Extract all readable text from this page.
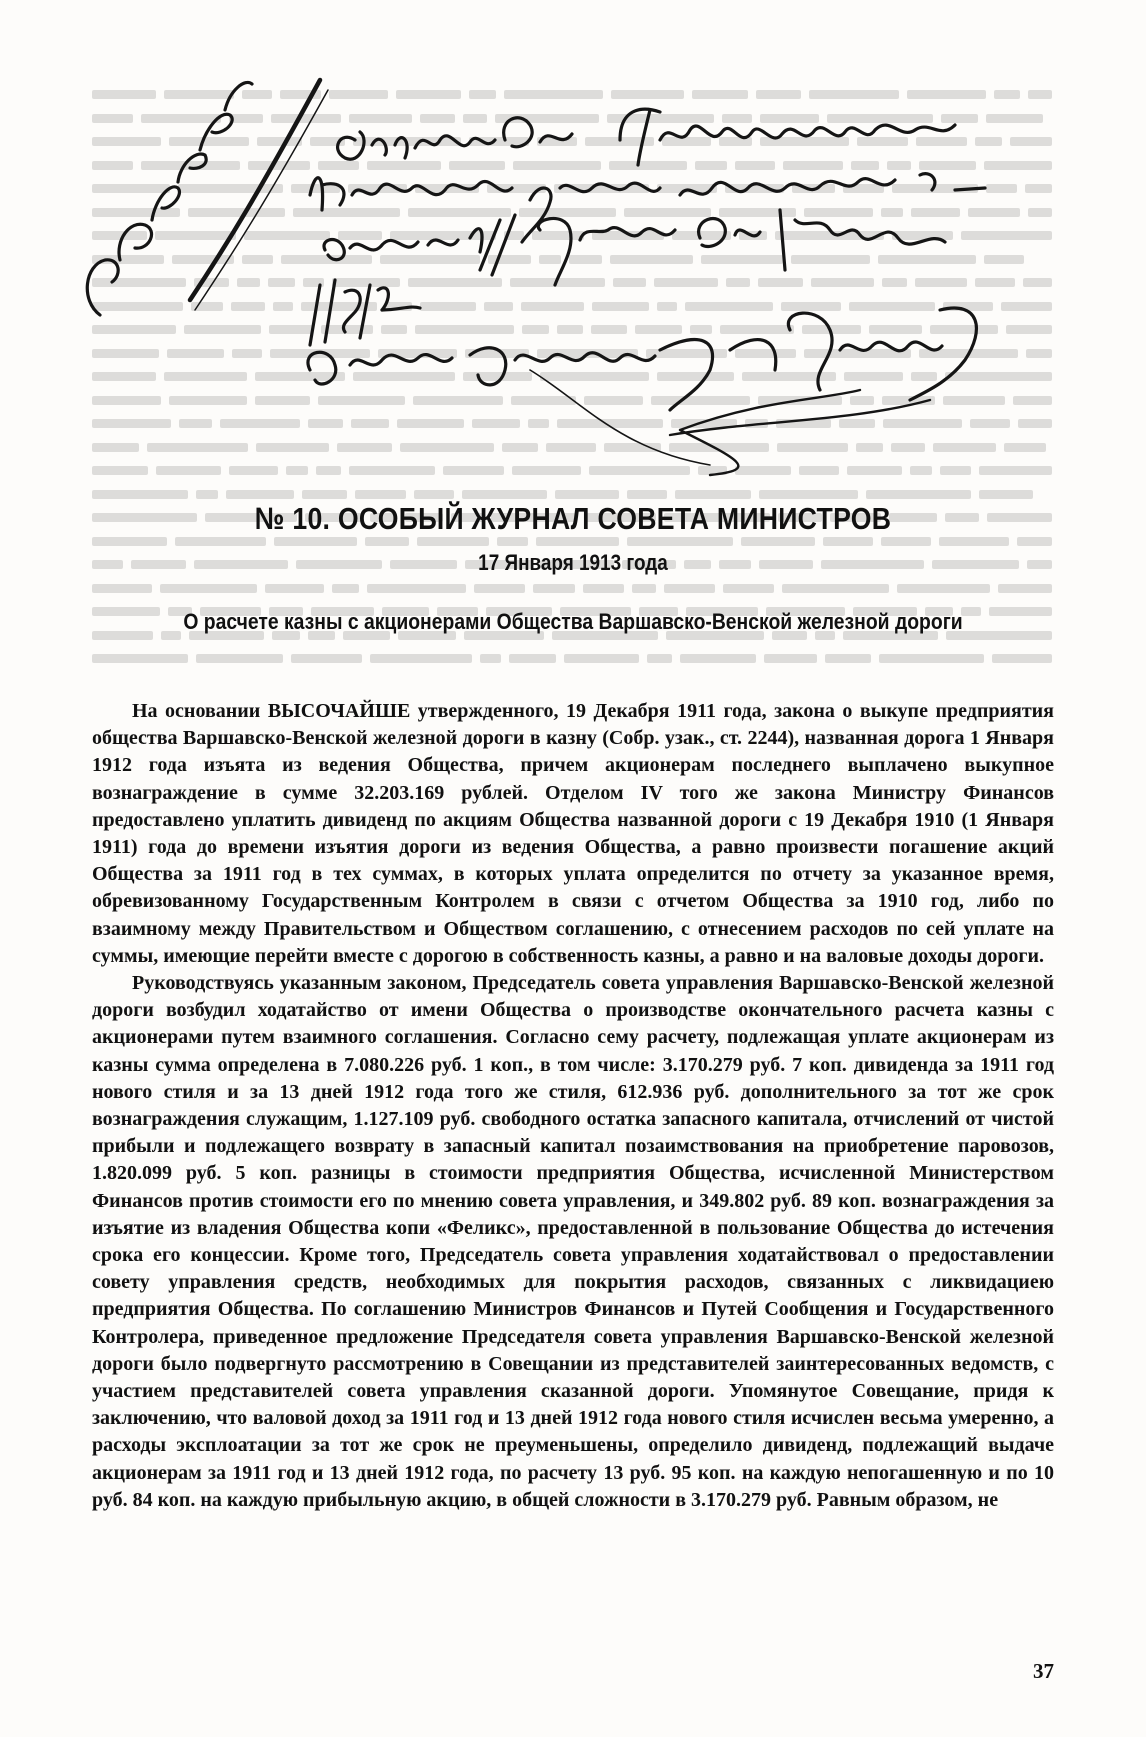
№ 10. ОСОБЫЙ ЖУРНАЛ СОВЕТА МИНИСТРОВ
17 Января 1913 года
О расчете казны с акционерами Общества Варшавско-Венской железной дороги

На основании ВЫСОЧАЙШЕ утвержденного, 19 Декабря 1911 года, закона о выкупе предприятия общества Варшавско-Венской железной дороги в казну (Собр. узак., ст. 2244), названная дорога 1 Января 1912 года изъята из ведения Общества, причем акционерам последнего выплачено выкупное вознаграждение в сумме 32.203.169 рублей. Отделом IV того же закона Министру Финансов предоставлено уплатить дивиденд по акциям Общества названной дороги с 19 Декабря 1910 (1 Января 1911) года до времени изъятия дороги из ведения Общества, а равно произвести погашение акций Общества за 1911 год в тех суммах, в которых уплата определится по отчету за указанное время, обревизованному Государственным Контролем в связи с отчетом Общества за 1910 год, либо по взаимному между Правительством и Обществом соглашению, с отнесением расходов по сей уплате на суммы, имеющие перейти вместе с дорогою в собственность казны, а равно и на валовые доходы дороги.

Руководствуясь указанным законом, Председатель совета управления Варшавско-Венской железной дороги возбудил ходатайство от имени Общества о производстве окончательного расчета казны с акционерами путем взаимного соглашения. Согласно сему расчету, подлежащая уплате акционерам из казны сумма определена в 7.080.226 руб. 1 коп., в том числе: 3.170.279 руб. 7 коп. дивиденда за 1911 год нового стиля и за 13 дней 1912 года того же стиля, 612.936 руб. дополнительного за тот же срок вознаграждения служащим, 1.127.109 руб. свободного остатка запасного капитала, отчислений от чистой прибыли и подлежащего возврату в запасный капитал позаимствования на приобретение паровозов, 1.820.099 руб. 5 коп. разницы в стоимости предприятия Общества, исчисленной Министерством Финансов против стоимости его по мнению совета управления, и 349.802 руб. 89 коп. вознаграждения за изъятие из владения Общества копи «Феликс», предоставленной в пользование Общества до истечения срока его концессии. Кроме того, Председатель совета управления ходатайствовал о предоставлении совету управления средств, необходимых для покрытия расходов, связанных с ликвидациею предприятия Общества. По соглашению Министров Финансов и Путей Сообщения и Государственного Контролера, приведенное предложение Председателя совета управления Варшавско-Венской железной дороги было подвергнуто рассмотрению в Совещании из представителей заинтересованных ведомств, с участием представителей совета управления сказанной дороги. Упомянутое Совещание, придя к заключению, что валовой доход за 1911 год и 13 дней 1912 года нового стиля исчислен весьма умеренно, а расходы эксплоатации за тот же срок не преуменьшены, определило дивиденд, подлежащий выдаче акционерам за 1911 год и 13 дней 1912 года, по расчету 13 руб. 95 коп. на каждую непогашенную и по 10 руб. 84 коп. на каждую прибыльную акцию, в общей сложности в 3.170.279 руб. Равным образом, не

37
